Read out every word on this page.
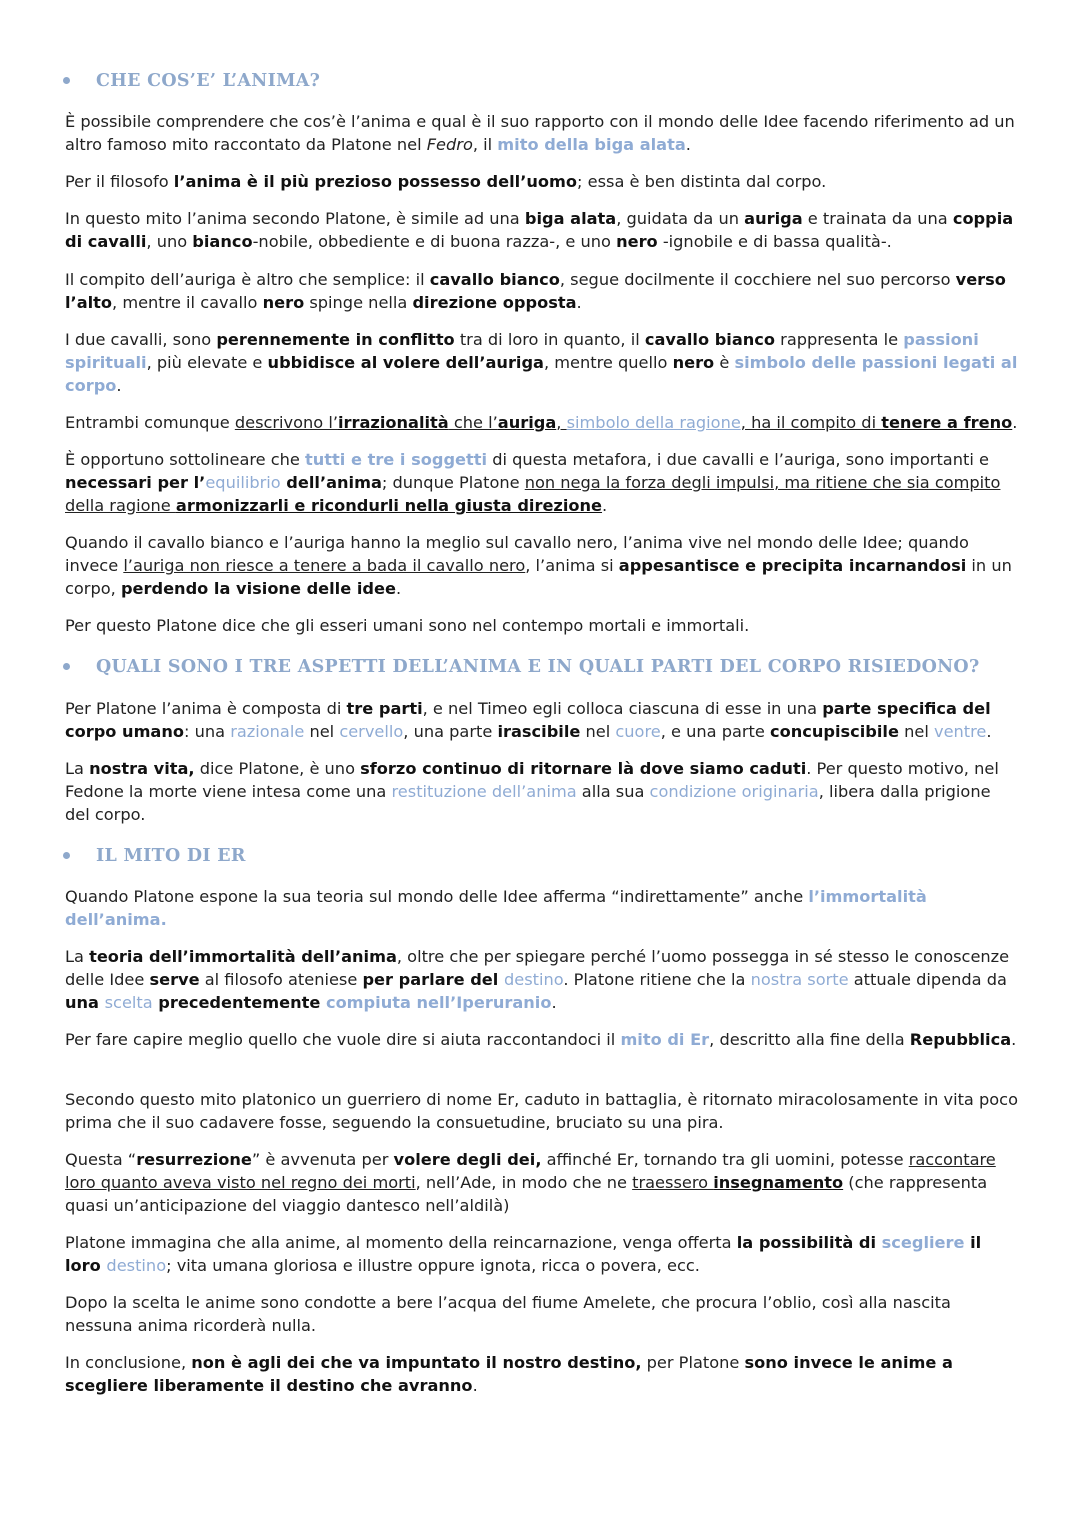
CHE COS’E’ L’ANIMA?
È possibile comprendere che cos’è l’anima e qual è il suo rapporto con il mondo delle Idee facendo riferimento ad un altro famoso mito raccontato da Platone nel Fedro, il mito della biga alata.
Per il filosofo l’anima è il più prezioso possesso dell’uomo; essa è ben distinta dal corpo.
In questo mito l’anima secondo Platone, è simile ad una biga alata, guidata da un auriga e trainata da una coppia di cavalli, uno bianco-nobile, obbediente e di buona razza-, e uno nero -ignobile e di bassa qualità-.
Il compito dell’auriga è altro che semplice: il cavallo bianco, segue docilmente il cocchiere nel suo percorso verso l’alto, mentre il cavallo nero spinge nella direzione opposta.
I due cavalli, sono perennemente in conflitto tra di loro in quanto, il cavallo bianco rappresenta le passioni spirituali, più elevate e ubbidisce al volere dell’auriga, mentre quello nero è simbolo delle passioni legati al corpo.
Entrambi comunque descrivono l’irrazionalità che l’auriga, simbolo della ragione, ha il compito di tenere a freno.
È opportuno sottolineare che tutti e tre i soggetti di questa metafora, i due cavalli e l’auriga, sono importanti e necessari per l’equilibrio dell’anima; dunque Platone non nega la forza degli impulsi, ma ritiene che sia compito della ragione armonizzarli e ricondurli nella giusta direzione.
Quando il cavallo bianco e l’auriga hanno la meglio sul cavallo nero, l’anima vive nel mondo delle Idee; quando invece l’auriga non riesce a tenere a bada il cavallo nero, l’anima si appesantisce e precipita incarnandosi in un corpo, perdendo la visione delle idee.
Per questo Platone dice che gli esseri umani sono nel contempo mortali e immortali.
QUALI SONO I TRE ASPETTI DELL’ANIMA E IN QUALI PARTI DEL CORPO RISIEDONO?
Per Platone l’anima è composta di tre parti, e nel Timeo egli colloca ciascuna di esse in una parte specifica del corpo umano: una razionale nel cervello, una parte irascibile nel cuore, e una parte concupiscibile nel ventre.
La nostra vita, dice Platone, è uno sforzo continuo di ritornare là dove siamo caduti. Per questo motivo, nel Fedone la morte viene intesa come una restituzione dell’anima alla sua condizione originaria, libera dalla prigione del corpo.
IL MITO DI ER
Quando Platone espone la sua teoria sul mondo delle Idee afferma “indirettamente” anche l’immortalità dell’anima.
La teoria dell’immortalità dell’anima, oltre che per spiegare perché l’uomo possegga in sé stesso le conoscenze delle Idee serve al filosofo ateniese per parlare del destino. Platone ritiene che la nostra sorte attuale dipenda da una scelta precedentemente compiuta nell’Iperuranio.
Per fare capire meglio quello che vuole dire si aiuta raccontandoci il mito di Er, descritto alla fine della Repubblica.
Secondo questo mito platonico un guerriero di nome Er, caduto in battaglia, è ritornato miracolosamente in vita poco prima che il suo cadavere fosse, seguendo la consuetudine, bruciato su una pira.
Questa “resurrezione” è avvenuta per volere degli dei, affinché Er, tornando tra gli uomini, potesse raccontare loro quanto aveva visto nel regno dei morti, nell’Ade, in modo che ne traessero insegnamento (che rappresenta quasi un’anticipazione del viaggio dantesco nell’aldilà)
Platone immagina che alla anime, al momento della reincarnazione, venga offerta la possibilità di scegliere il loro destino; vita umana gloriosa e illustre oppure ignota, ricca o povera, ecc.
Dopo la scelta le anime sono condotte a bere l’acqua del fiume Amelete, che procura l’oblio, così alla nascita nessuna anima ricorderà nulla.
In conclusione, non è agli dei che va impuntato il nostro destino, per Platone sono invece le anime a scegliere liberamente il destino che avranno.
